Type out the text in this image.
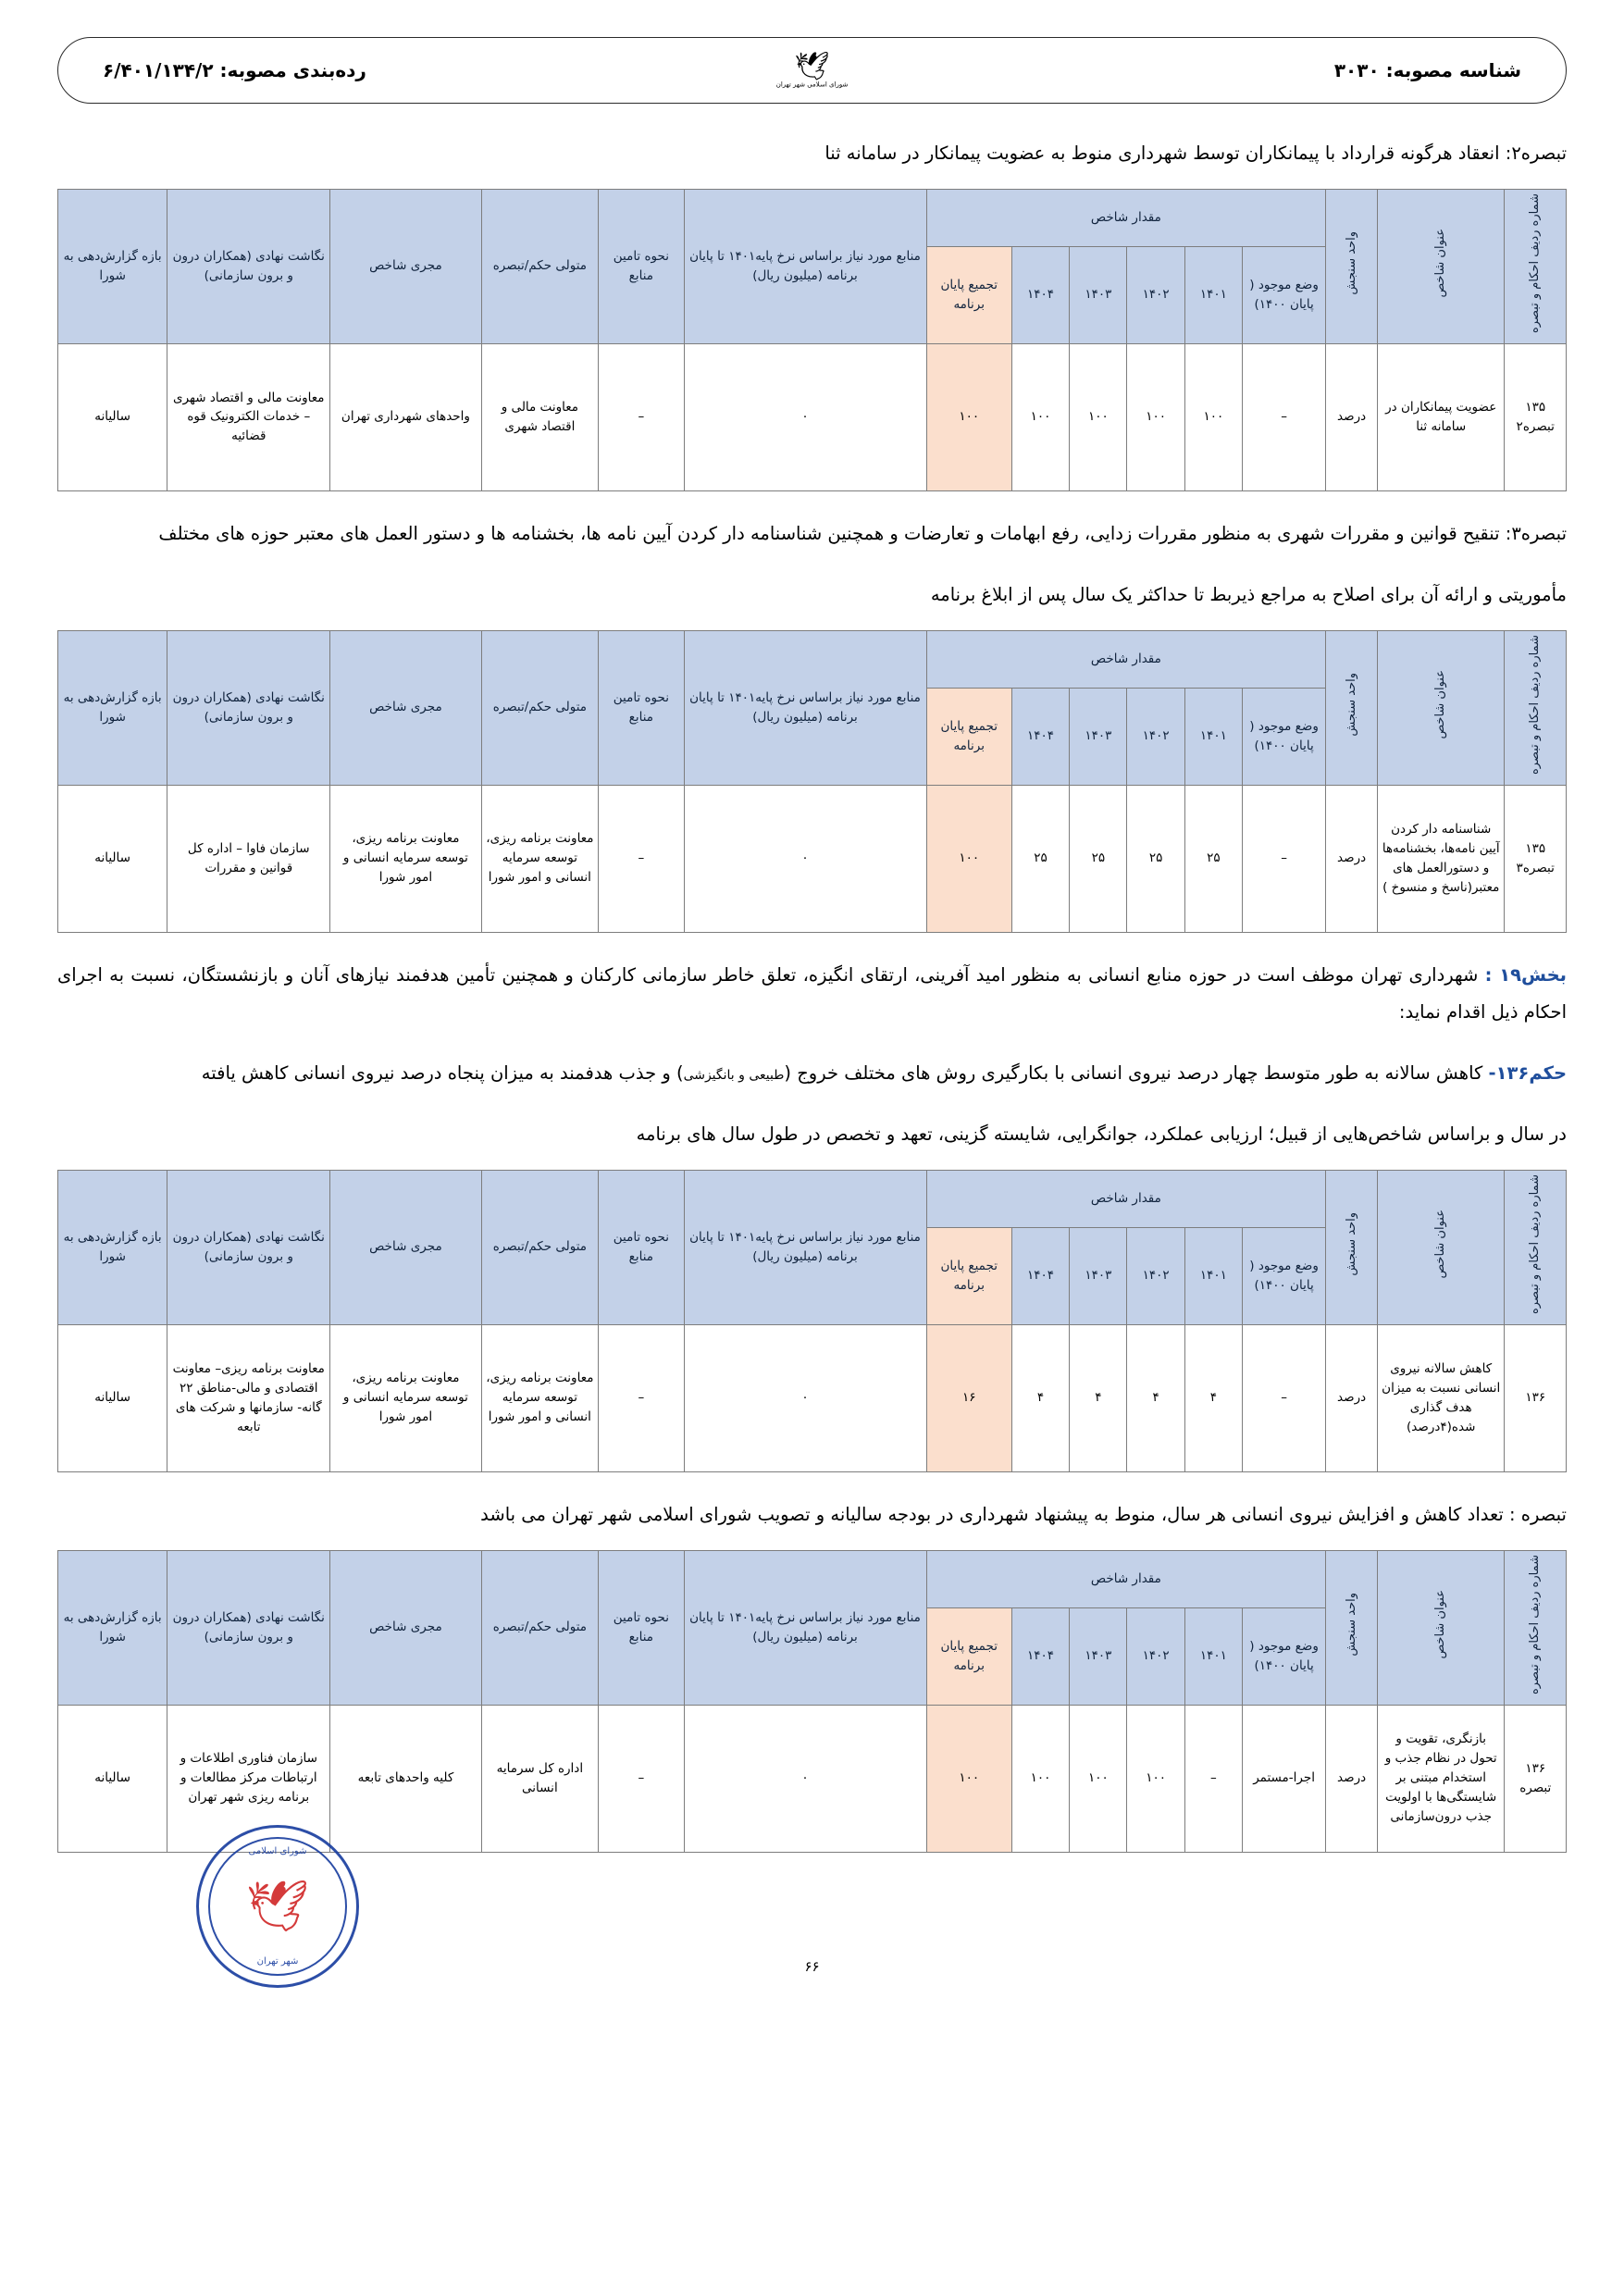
شناسه مصوبه: ۳۰۳۰
🕊
شورای اسلامی شهر تهران
رده‌بندی مصوبه: ۶/۴۰۱/۱۳۴/۲

تبصره۲: انعقاد هرگونه قرارداد با پیمانکاران توسط شهرداری منوط به عضویت پیمانکار در سامانه ثنا

شماره ردیف احکام و تبصره	عنوان شاخص	واحد سنجش	مقدار شاخص						منابع مورد نیاز براساس نرخ پایه۱۴۰۱ تا پایان برنامه (میلیون ریال)	نحوه تامین منابع	متولی حکم/تبصره	مجری شاخص	نگاشت نهادی (همکاران درون و برون سازمانی)	بازه گزارش‌دهی به شورا
			وضع موجود ( پایان ۱۴۰۰)	۱۴۰۱	۱۴۰۲	۱۴۰۳	۱۴۰۴	تجمیع پایان برنامه						
۱۳۵ تبصره۲	عضویت پیمانکاران در سامانه ثنا	درصد	–	۱۰۰	۱۰۰	۱۰۰	۱۰۰	۱۰۰	۰	–	معاونت مالی و اقتصاد شهری	واحدهای شهرداری تهران	معاونت مالی و اقتصاد شهری – خدمات الکترونیک قوه قضائیه	سالیانه

تبصره۳: تنقیح قوانین و مقررات شهری به منظور مقررات زدایی، رفع ابهامات و تعارضات و همچنین شناسنامه دار کردن آیین نامه ها، بخشنامه ها و دستور العمل های معتبر حوزه های مختلف

مأموریتی و ارائه آن برای اصلاح به مراجع ذیربط تا حداکثر یک سال پس از ابلاغ برنامه

شماره ردیف احکام و تبصره	عنوان شاخص	واحد سنجش	مقدار شاخص						منابع مورد نیاز براساس نرخ پایه۱۴۰۱ تا پایان برنامه (میلیون ریال)	نحوه تامین منابع	متولی حکم/تبصره	مجری شاخص	نگاشت نهادی (همکاران درون و برون سازمانی)	بازه گزارش‌دهی به شورا
			وضع موجود ( پایان ۱۴۰۰)	۱۴۰۱	۱۴۰۲	۱۴۰۳	۱۴۰۴	تجمیع پایان برنامه						
۱۳۵ تبصره۳	شناسنامه دار کردن آیین نامه‌ها، بخشنامه‌ها و دستورالعمل های معتبر(ناسخ و منسوخ )	درصد	–	۲۵	۲۵	۲۵	۲۵	۱۰۰	۰	–	معاونت برنامه ریزی، توسعه سرمایه انسانی و امور شورا	معاونت برنامه ریزی، توسعه سرمایه انسانی و امور شورا	سازمان فاوا – اداره کل قوانین و مقررات	سالیانه

بخش۱۹ : شهرداری تهران موظف است در حوزه منابع انسانی به منظور امید آفرینی، ارتقای انگیزه، تعلق خاطر سازمانی کارکنان و همچنین تأمین هدفمند نیازهای آنان و بازنشستگان، نسبت به اجرای احکام ذیل اقدام نماید:

حکم۱۳۶- کاهش سالانه به طور متوسط چهار درصد نیروی انسانی با بکارگیری روش های مختلف خروج (طبیعی و بانگیزشی) و جذب هدفمند به میزان پنجاه درصد نیروی انسانی کاهش یافته

در سال و براساس شاخص‌هایی از قبیل؛ ارزیابی عملکرد، جوانگرایی، شایسته گزینی، تعهد و تخصص در طول سال های برنامه

شماره ردیف احکام و تبصره	عنوان شاخص	واحد سنجش	مقدار شاخص						منابع مورد نیاز براساس نرخ پایه۱۴۰۱ تا پایان برنامه (میلیون ریال)	نحوه تامین منابع	متولی حکم/تبصره	مجری شاخص	نگاشت نهادی (همکاران درون و برون سازمانی)	بازه گزارش‌دهی به شورا
			وضع موجود ( پایان ۱۴۰۰)	۱۴۰۱	۱۴۰۲	۱۴۰۳	۱۴۰۴	تجمیع پایان برنامه						
۱۳۶	کاهش سالانه نیروی انسانی نسبت به میزان هدف گذاری شده(۴درصد)	درصد	–	۴	۴	۴	۴	۱۶	۰	–	معاونت برنامه ریزی، توسعه سرمایه انسانی و امور شورا	معاونت برنامه ریزی، توسعه سرمایه انسانی و امور شورا	معاونت برنامه ریزی– معاونت اقتصادی و مالی-مناطق ۲۲ گانه- سازمانها و شرکت های تابعه	سالیانه

تبصره : تعداد کاهش و افزایش نیروی انسانی هر سال، منوط به پیشنهاد شهرداری در بودجه سالیانه و تصویب شورای اسلامی شهر تهران می باشد

شماره ردیف احکام و تبصره	عنوان شاخص	واحد سنجش	مقدار شاخص						منابع مورد نیاز براساس نرخ پایه۱۴۰۱ تا پایان برنامه (میلیون ریال)	نحوه تامین منابع	متولی حکم/تبصره	مجری شاخص	نگاشت نهادی (همکاران درون و برون سازمانی)	بازه گزارش‌دهی به شورا
			وضع موجود ( پایان ۱۴۰۰)	۱۴۰۱	۱۴۰۲	۱۴۰۳	۱۴۰۴	تجمیع پایان برنامه						
۱۳۶ تبصره	بازنگری، تقویت و تحول در نظام جذب و استخدام مبتنی بر شایستگی‌ها با اولویت جذب درون‌سازمانی	درصد	اجرا-مستمر	–	۱۰۰	۱۰۰	۱۰۰	۱۰۰	۰	–	اداره کل سرمایه انسانی	کلیه واحدهای تابعه	سازمان فناوری اطلاعات و ارتباطات مرکز مطالعات و برنامه ریزی شهر تهران	سالیانه
شورای اسلامی
🕊
شهر تهران	۶۶
